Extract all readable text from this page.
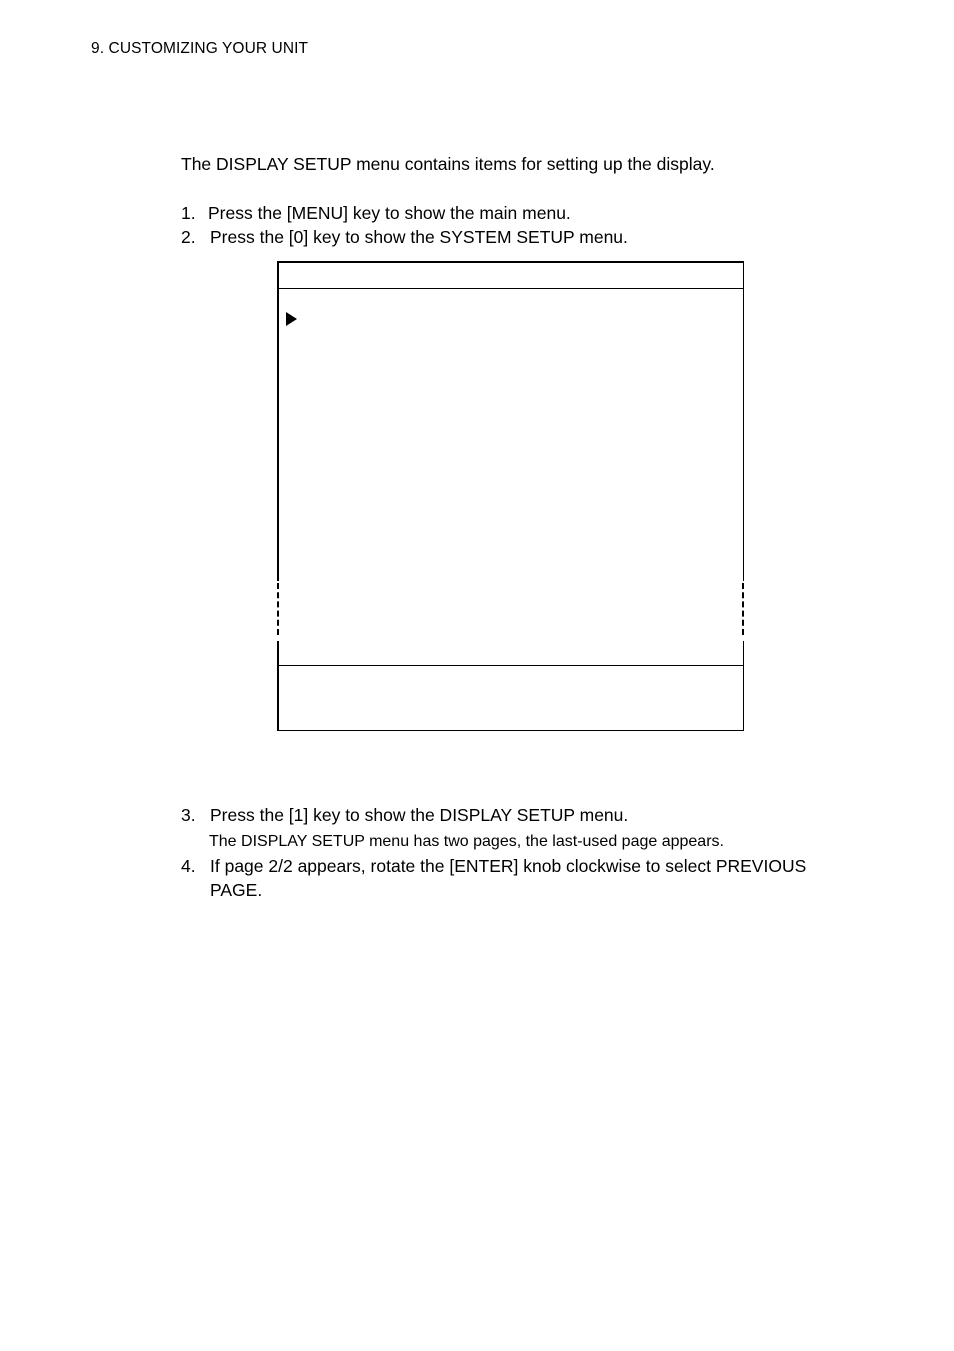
9. CUSTOMIZING YOUR UNIT
The DISPLAY SETUP menu contains items for setting up the display.
1. Press the [MENU] key to show the main menu.
2. Press the [0] key to show the SYSTEM SETUP menu.
3. Press the [1] key to show the DISPLAY SETUP menu.
The DISPLAY SETUP menu has two pages, the last-used page appears.
4. If page 2/2 appears, rotate the [ENTER] knob clockwise to select PREVIOUS
PAGE.
